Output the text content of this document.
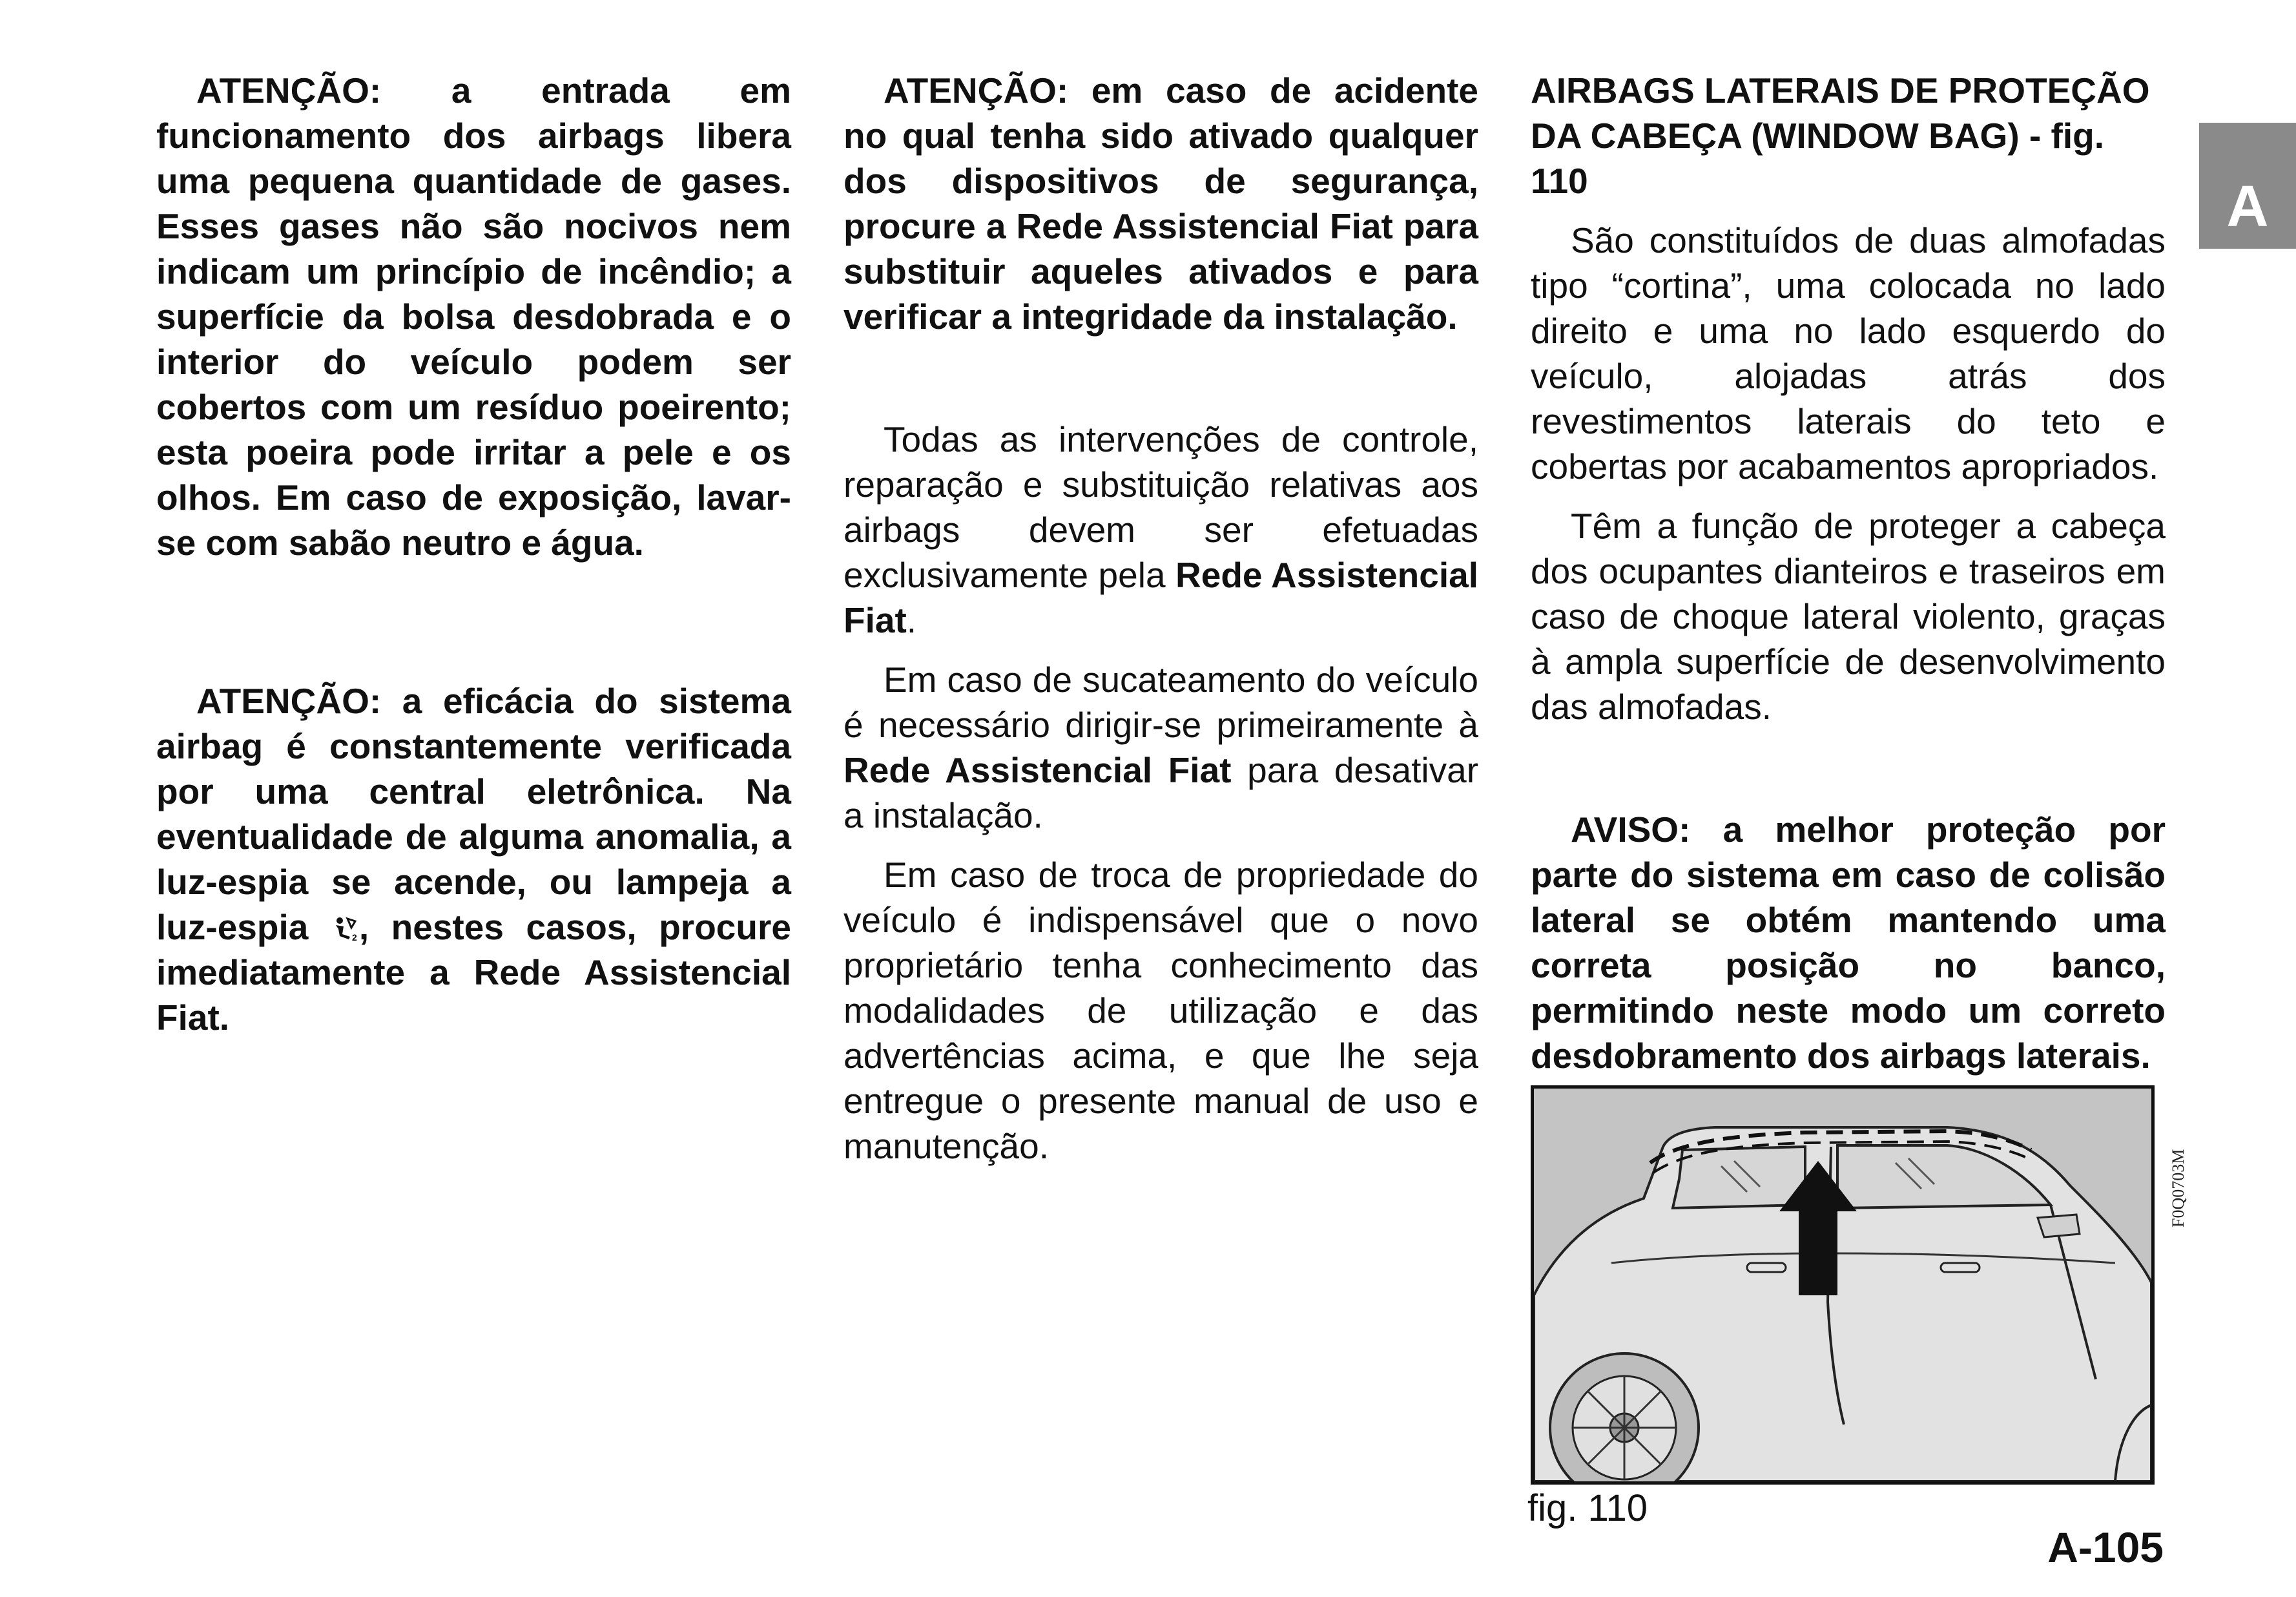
ATENÇÃO: a entrada em funcionamento dos airbags libera uma pequena quantidade de gases. Esses gases não são nocivos nem indicam um princípio de incêndio; a superfície da bolsa desdobrada e o interior do veículo podem ser cobertos com um resíduo poeirento; esta poeira pode irritar a pele e os olhos. Em caso de exposição, lavar-se com sabão neutro e água.

ATENÇÃO: a eficácia do sistema airbag é constantemente verificada por uma central eletrônica. Na eventualidade de alguma anomalia, a luz-espia se acende, ou lampeja a luz-espia 2 , nestes casos, procure imediatamente a Rede Assistencial Fiat.

ATENÇÃO: em caso de acidente no qual tenha sido ativado qualquer dos dispositivos de segurança, procure a Rede Assistencial Fiat para substituir aqueles ativados e para verificar a integridade da instalação.

Todas as intervenções de controle, reparação e substituição relativas aos airbags devem ser efetuadas exclusivamente pela Rede Assistencial Fiat.

Em caso de sucateamento do veículo é necessário dirigir-se primeiramente à Rede Assistencial Fiat para desativar a instalação.

Em caso de troca de propriedade do veículo é indispensável que o novo proprietário tenha conhecimento das modalidades de utilização e das advertências acima, e que lhe seja entregue o presente manual de uso e manutenção.

AIRBAGS LATERAIS DE PROTEÇÃO DA CABEÇA (WINDOW BAG) - fig. 110

São constituídos de duas almofadas tipo “cortina”, uma colocada no lado direito e uma no lado esquerdo do veículo, alojadas atrás dos revestimentos laterais do teto e cobertas por acabamentos apropriados.

Têm a função de proteger a cabeça dos ocupantes dianteiros e traseiros em caso de choque lateral violento, graças à ampla superfície de desenvolvimento das almofadas.

AVISO: a melhor proteção por parte do sistema em caso de colisão lateral se obtém mantendo uma correta posição no banco, permitindo neste modo um correto desdobramento dos airbags laterais.

A
F0Q0703M
fig. 110
A-105
